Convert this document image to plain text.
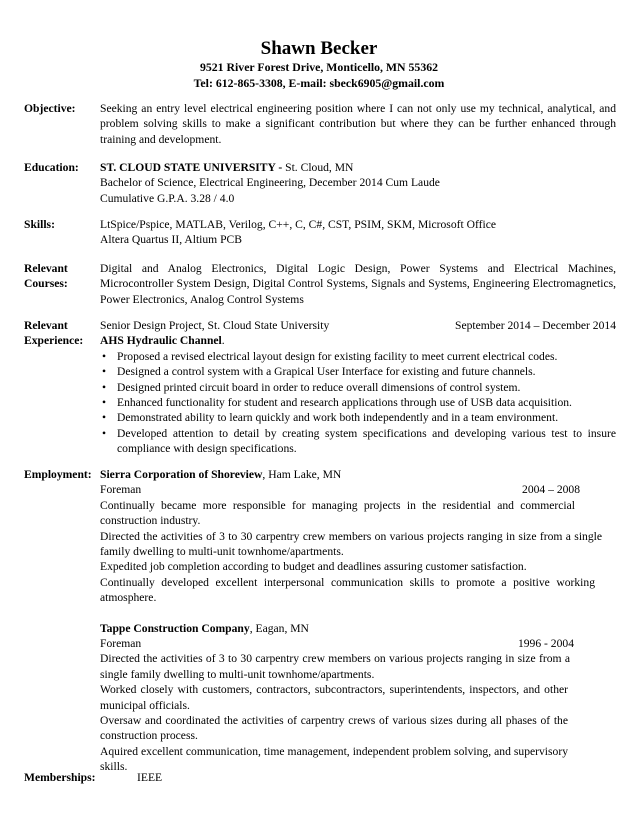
Shawn Becker
9521 River Forest Drive, Monticello, MN 55362
Tel: 612-865-3308, E-mail: sbeck6905@gmail.com
Objective:	Seeking an entry level electrical engineering position where I can not only use my technical, analytical, and problem solving skills to make a significant contribution but where they can be further enhanced through training and development.
Education:	ST. CLOUD STATE UNIVERSITY - St. Cloud, MN
Bachelor of Science, Electrical Engineering, December 2014 Cum Laude
Cumulative G.P.A. 3.28 / 4.0
Skills:	LtSpice/Pspice, MATLAB, Verilog, C++, C, C#, CST, PSIM, SKM, Microsoft Office
Altera Quartus II, Altium PCB
Relevant
Courses:
Digital and Analog Electronics, Digital Logic Design, Power Systems and Electrical Machines, Microcontroller System Design, Digital Control Systems, Signals and Systems, Engineering Electromagnetics, Power Electronics, Analog Control Systems
Relevant
Experience:
Senior Design Project, St. Cloud State University	September 2014 – December 2014
AHS Hydraulic Channel.
• Proposed a revised electrical layout design for existing facility to meet current electrical codes.
• Designed a control system with a Grapical User Interface for existing and future channels.
• Designed printed circuit board in order to reduce overall dimensions of control system.
• Enhanced functionality for student and research applications through use of USB data acquisition.
• Demonstrated ability to learn quickly and work both independently and in a team environment.
• Developed attention to detail by creating system specifications and developing various test to insure compliance with design specifications.
Employment: Sierra Corporation of Shoreview, Ham Lake, MN
Foreman	2004 – 2008
Continually became more responsible for managing projects in the residential and commercial construction industry.
Directed the activities of 3 to 30 carpentry crew members on various projects ranging in size from a single family dwelling to multi-unit townhome/apartments.
Expedited job completion according to budget and deadlines assuring customer satisfaction.
Continually developed excellent interpersonal communication skills to promote a positive working atmosphere.
Tappe Construction Company, Eagan, MN
Foreman	1996 - 2004
Directed the activities of 3 to 30 carpentry crew members on various projects ranging in size from a single family dwelling to multi-unit townhome/apartments.
Worked closely with customers, contractors, subcontractors, superintendents, inspectors, and other municipal officials.
Oversaw and coordinated the activities of carpentry crews of various sizes during all phases of the construction process.
Aquired excellent communication, time management, independent problem solving, and supervisory skills.
Memberships:	IEEE
